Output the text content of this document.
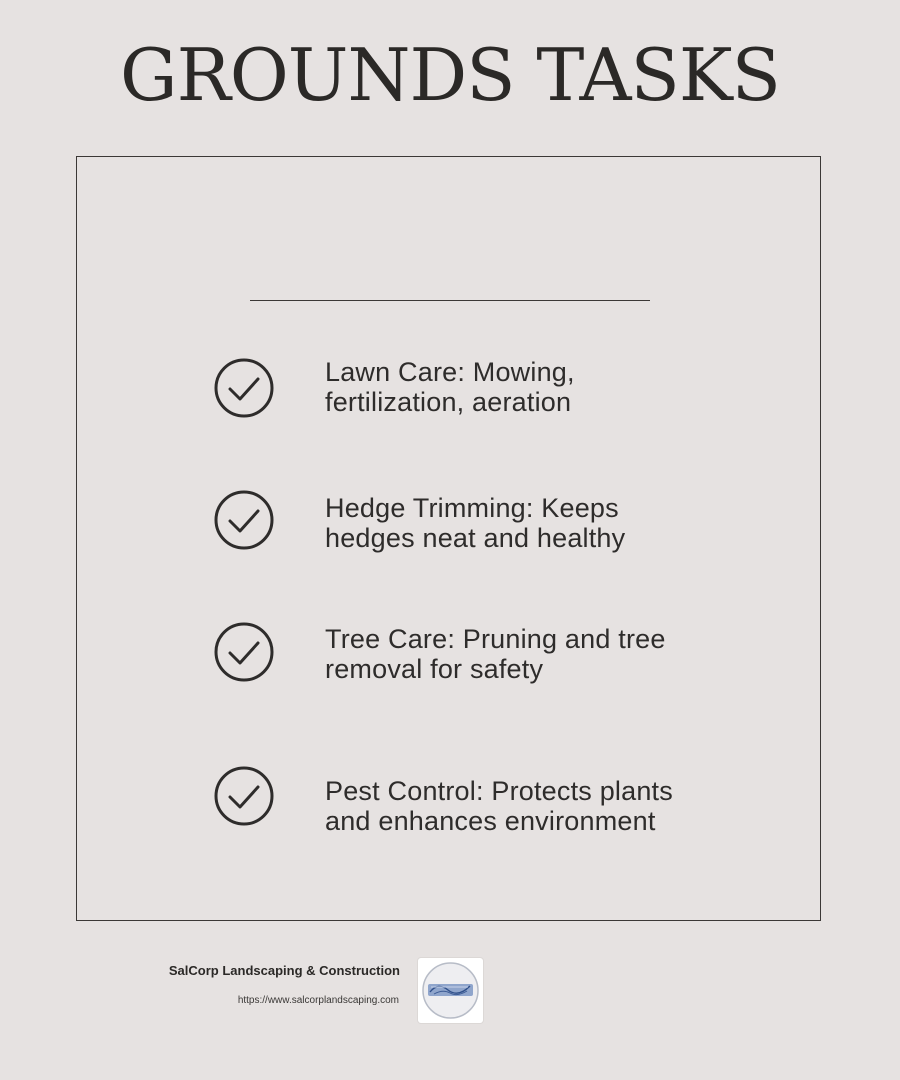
GROUNDS TASKS
Lawn Care: Mowing,
fertilization, aeration
Hedge Trimming: Keeps
hedges neat and healthy
Tree Care: Pruning and tree
removal for safety
Pest Control: Protects plants
and enhances environment
SalCorp Landscaping & Construction
https://www.salcorplandscaping.com
